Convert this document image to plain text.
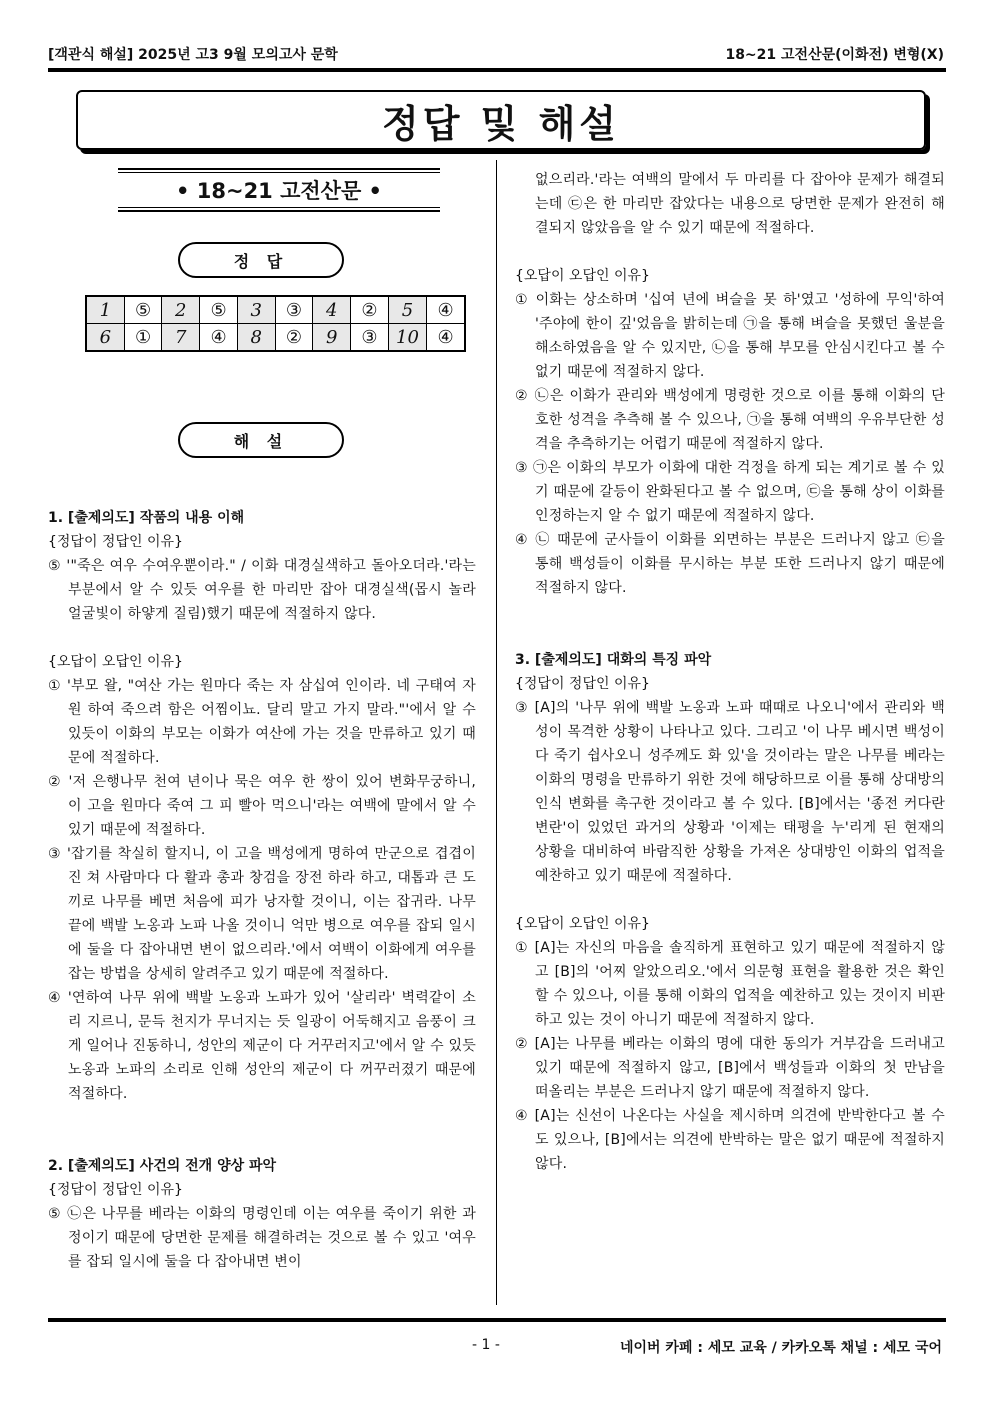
[객관식 해설] 2025년 고3 9월 모의고사 문학	18~21 고전산문(이화전) 변형(X)
정답 및 해설
• 18~21 고전산문 •
정 답
1	⑤	2	⑤	3	③	4	②	5	④
6	①	7	④	8	②	9	③	10	④
해 설

1. [출제의도] 작품의 내용 이해

{정답이 정답인 이유}

⑤ '"죽은 여우 수여우뿐이라." / 이화 대경실색하고 돌아오더라.'라는 부분에서 알 수 있듯 여우를 한 마리만 잡아 대경실색(몹시 놀라 얼굴빛이 하얗게 질림)했기 때문에 적절하지 않다.

{오답이 오답인 이유}

① '부모 왈, "여산 가는 원마다 죽는 자 삼십여 인이라. 네 구태여 자원 하여 죽으려 함은 어찜이뇨. 달리 말고 가지 말라."'에서 알 수 있듯이 이화의 부모는 이화가 여산에 가는 것을 만류하고 있기 때문에 적절하다.

② '저 은행나무 천여 년이나 묵은 여우 한 쌍이 있어 변화무궁하니, 이 고을 원마다 죽여 그 피 빨아 먹으니'라는 여백에 말에서 알 수 있기 때문에 적절하다.

③ '잡기를 착실히 할지니, 이 고을 백성에게 명하여 만군으로 겹겹이 진 쳐 사람마다 다 활과 총과 창검을 장전 하라 하고, 대톱과 큰 도끼로 나무를 베면 처음에 피가 낭자할 것이니, 이는 잡귀라. 나무 끝에 백발 노옹과 노파 나올 것이니 억만 병으로 여우를 잡되 일시에 둘을 다 잡아내면 변이 없으리라.'에서 여백이 이화에게 여우를 잡는 방법을 상세히 알려주고 있기 때문에 적절하다.

④ '연하여 나무 위에 백발 노옹과 노파가 있어 '살리라' 벽력같이 소리 지르니, 문득 천지가 무너지는 듯 일광이 어둑해지고 음풍이 크게 일어나 진동하니, 성안의 제군이 다 거꾸러지고'에서 알 수 있듯 노옹과 노파의 소리로 인해 성안의 제군이 다 꺼꾸러졌기 때문에 적절하다.

2. [출제의도] 사건의 전개 양상 파악

{정답이 정답인 이유}

⑤ ㉡은 나무를 베라는 이화의 명령인데 이는 여우를 죽이기 위한 과정이기 때문에 당면한 문제를 해결하려는 것으로 볼 수 있고 '여우를 잡되 일시에 둘을 다 잡아내면 변이

없으리라.'라는 여백의 말에서 두 마리를 다 잡아야 문제가 해결되는데 ㉢은 한 마리만 잡았다는 내용으로 당면한 문제가 완전히 해결되지 않았음을 알 수 있기 때문에 적절하다.

{오답이 오답인 이유}

① 이화는 상소하며 '십여 년에 벼슬을 못 하'였고 '성하에 무익'하여 '주야에 한이 깊'었음을 밝히는데 ㉠을 통해 벼슬을 못했던 울분을 해소하였음을 알 수 있지만, ㉡을 통해 부모를 안심시킨다고 볼 수 없기 때문에 적절하지 않다.

② ㉡은 이화가 관리와 백성에게 명령한 것으로 이를 통해 이화의 단호한 성격을 추측해 볼 수 있으나, ㉠을 통해 여백의 우유부단한 성격을 추측하기는 어렵기 때문에 적절하지 않다.

③ ㉠은 이화의 부모가 이화에 대한 걱정을 하게 되는 계기로 볼 수 있기 때문에 갈등이 완화된다고 볼 수 없으며, ㉢을 통해 상이 이화를 인정하는지 알 수 없기 때문에 적절하지 않다.

④ ㉡ 때문에 군사들이 이화를 외면하는 부분은 드러나지 않고 ㉢을 통해 백성들이 이화를 무시하는 부분 또한 드러나지 않기 때문에 적절하지 않다.

3. [출제의도] 대화의 특징 파악

{정답이 정답인 이유}

③ [A]의 '나무 위에 백발 노옹과 노파 때때로 나오니'에서 관리와 백성이 목격한 상황이 나타나고 있다. 그리고 '이 나무 베시면 백성이 다 죽기 쉽사오니 성주께도 화 있'을 것이라는 말은 나무를 베라는 이화의 명령을 만류하기 위한 것에 해당하므로 이를 통해 상대방의 인식 변화를 촉구한 것이라고 볼 수 있다. [B]에서는 '종전 커다란 변란'이 있었던 과거의 상황과 '이제는 태평을 누'리게 된 현재의 상황을 대비하여 바람직한 상황을 가져온 상대방인 이화의 업적을 예찬하고 있기 때문에 적절하다.

{오답이 오답인 이유}

① [A]는 자신의 마음을 솔직하게 표현하고 있기 때문에 적절하지 않고 [B]의 '어찌 알았으리오.'에서 의문형 표현을 활용한 것은 확인할 수 있으나, 이를 통해 이화의 업적을 예찬하고 있는 것이지 비판하고 있는 것이 아니기 때문에 적절하지 않다.

② [A]는 나무를 베라는 이화의 명에 대한 동의가 거부감을 드러내고 있기 때문에 적절하지 않고, [B]에서 백성들과 이화의 첫 만남을 떠올리는 부분은 드러나지 않기 때문에 적절하지 않다.

④ [A]는 신선이 나온다는 사실을 제시하며 의견에 반박한다고 볼 수도 있으나, [B]에서는 의견에 반박하는 말은 없기 때문에 적절하지 않다.

- 1 -	네이버 카페 : 세모 교육 / 카카오톡 채널 : 세모 국어
